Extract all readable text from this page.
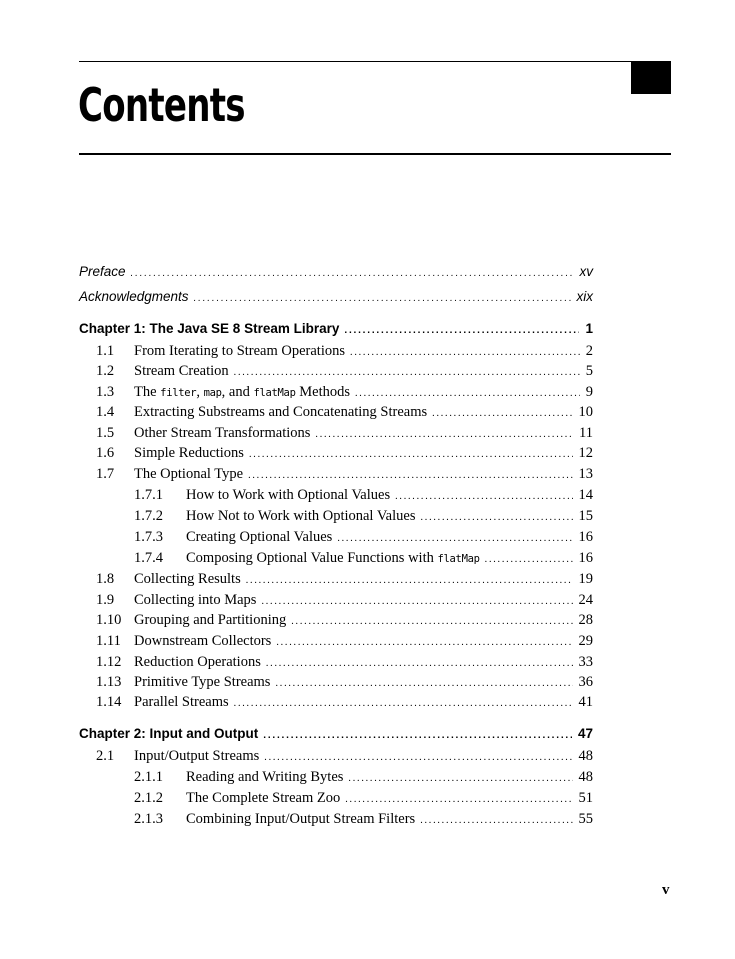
Contents
Preface .....	xv
Acknowledgments .....	xix
Chapter 1: The Java SE 8 Stream Library .....	1
1.1	From Iterating to Stream Operations .....	2
1.2	Stream Creation .....	5
1.3	The filter, map, and flatMap Methods .....	9
1.4	Extracting Substreams and Concatenating Streams .....	10
1.5	Other Stream Transformations .....	11
1.6	Simple Reductions .....	12
1.7	The Optional Type .....	13
1.7.1	How to Work with Optional Values .....	14
1.7.2	How Not to Work with Optional Values .....	15
1.7.3	Creating Optional Values .....	16
1.7.4	Composing Optional Value Functions with flatMap .....	16
1.8	Collecting Results .....	19
1.9	Collecting into Maps .....	24
1.10 Grouping and Partitioning .....	28
1.11 Downstream Collectors .....	29
1.12 Reduction Operations .....	33
1.13 Primitive Type Streams .....	36
1.14 Parallel Streams .....	41
Chapter 2: Input and Output .....	47
2.1	Input/Output Streams .....	48
2.1.1	Reading and Writing Bytes .....	48
2.1.2	The Complete Stream Zoo .....	51
2.1.3	Combining Input/Output Stream Filters .....	55
v
